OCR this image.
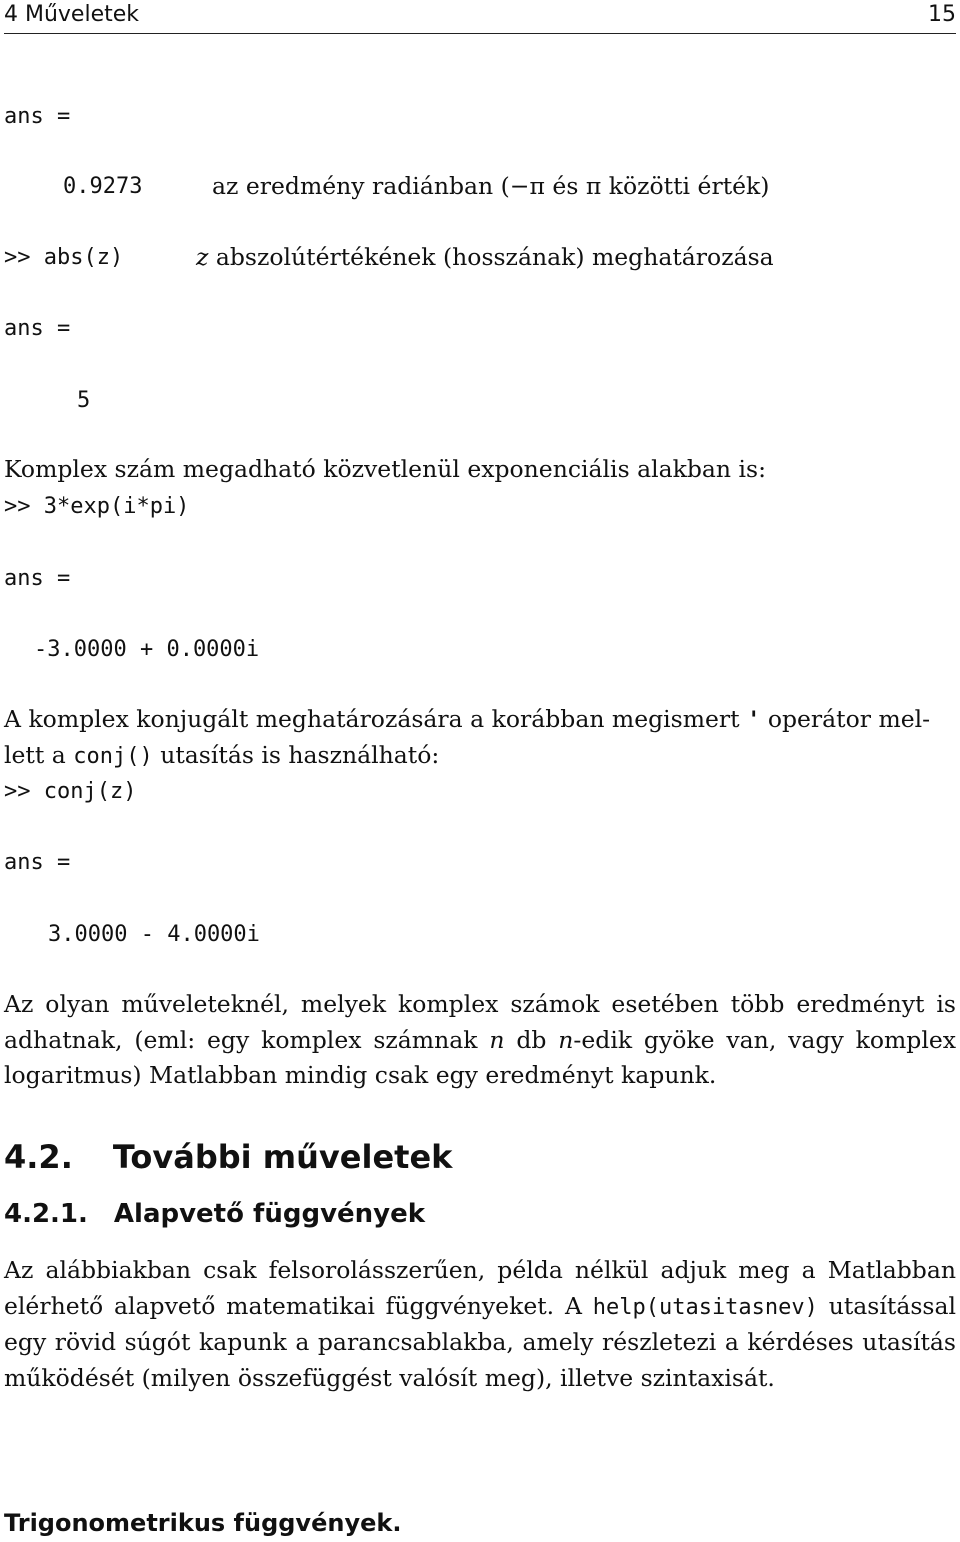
4 Műveletek	15
ans =
0.9273	az eredmény radiánban (−π és π közötti érték)
>> abs(z)	z abszolútértékének (hosszának) meghatározása
ans =
5
Komplex szám megadható közvetlenül exponenciális alakban is:
>> 3*exp(i*pi)
ans =
-3.0000 + 0.0000i
A komplex konjugált meghatározására a korábban megismert ' operátor mel-
lett a conj() utasítás is használható:
>> conj(z)
ans =
3.0000 - 4.0000i
Az olyan műveleteknél, melyek komplex számok esetében több eredményt is adhatnak, (eml: egy komplex számnak n db n-edik gyöke van, vagy komplex logaritmus) Matlabban mindig csak egy eredményt kapunk.
4.2. További műveletek
4.2.1. Alapvető függvények
Az alábbiakban csak felsorolásszerűen, példa nélkül adjuk meg a Matlabban elérhető alapvető matematikai függvényeket. A help(utasitasnev) utasítással egy rövid súgót kapunk a parancsablakba, amely részletezi a kérdéses utasítás működését (milyen összefüggést valósít meg), illetve szintaxisát.
Trigonometrikus függvények.
